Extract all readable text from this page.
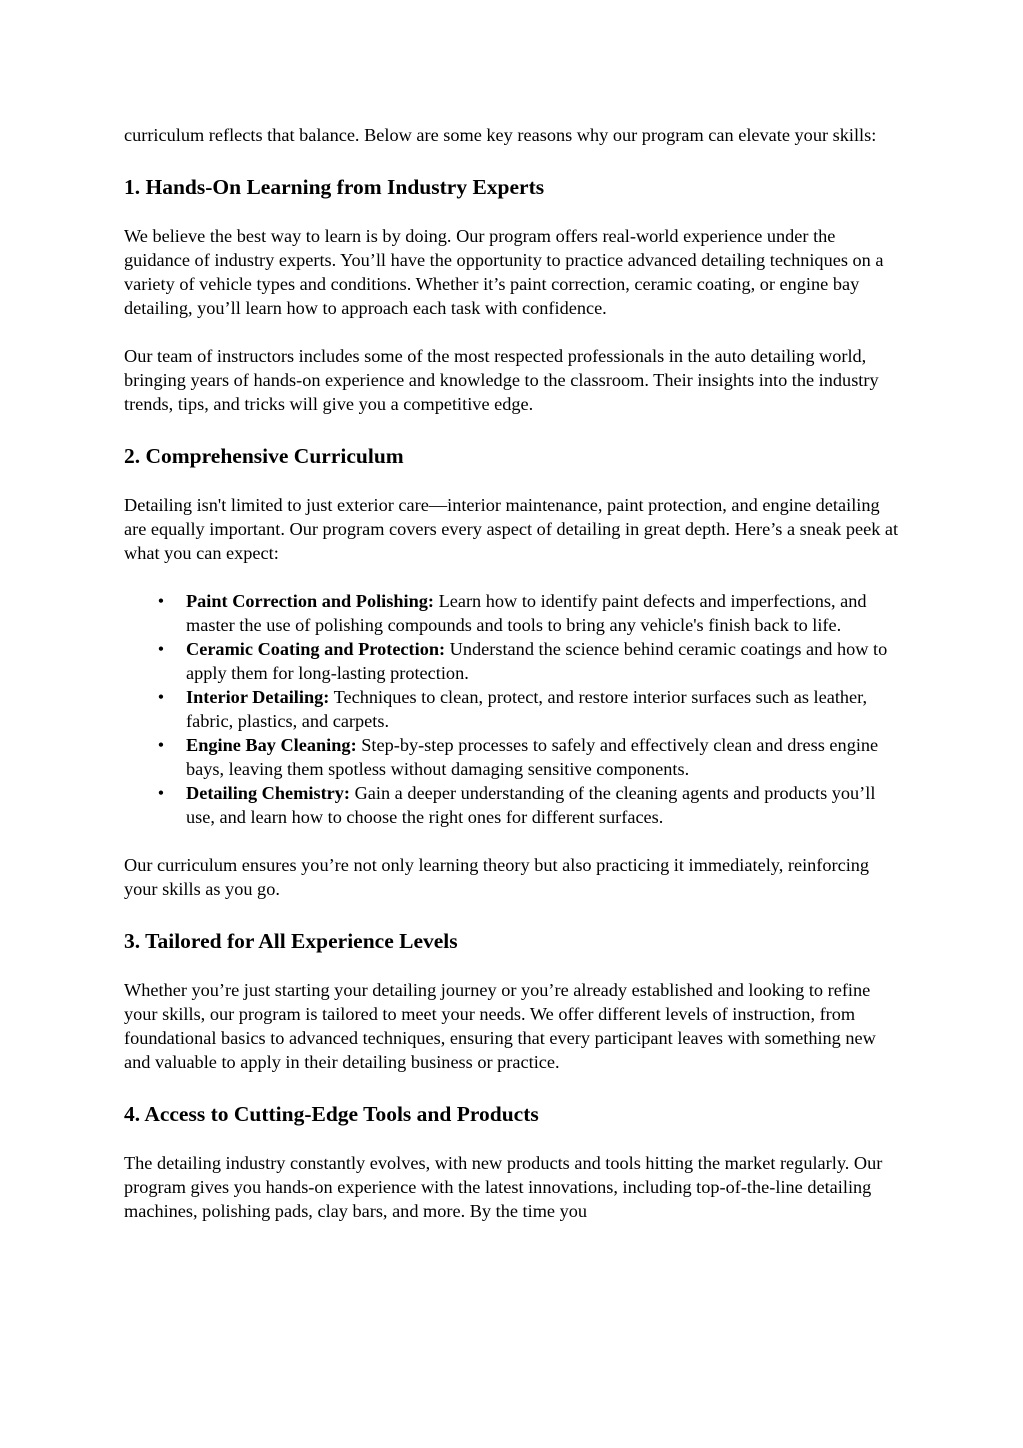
curriculum reflects that balance. Below are some key reasons why our program can elevate your skills:

1. Hands-On Learning from Industry Experts

We believe the best way to learn is by doing. Our program offers real-world experience under the guidance of industry experts. You’ll have the opportunity to practice advanced detailing techniques on a variety of vehicle types and conditions. Whether it’s paint correction, ceramic coating, or engine bay detailing, you’ll learn how to approach each task with confidence.

Our team of instructors includes some of the most respected professionals in the auto detailing world, bringing years of hands-on experience and knowledge to the classroom. Their insights into the industry trends, tips, and tricks will give you a competitive edge.

2. Comprehensive Curriculum

Detailing isn't limited to just exterior care—interior maintenance, paint protection, and engine detailing are equally important. Our program covers every aspect of detailing in great depth. Here’s a sneak peek at what you can expect:

• Paint Correction and Polishing: Learn how to identify paint defects and imperfections, and master the use of polishing compounds and tools to bring any vehicle's finish back to life.
• Ceramic Coating and Protection: Understand the science behind ceramic coatings and how to apply them for long-lasting protection.
• Interior Detailing: Techniques to clean, protect, and restore interior surfaces such as leather, fabric, plastics, and carpets.
• Engine Bay Cleaning: Step-by-step processes to safely and effectively clean and dress engine bays, leaving them spotless without damaging sensitive components.
• Detailing Chemistry: Gain a deeper understanding of the cleaning agents and products you’ll use, and learn how to choose the right ones for different surfaces.

Our curriculum ensures you’re not only learning theory but also practicing it immediately, reinforcing your skills as you go.

3. Tailored for All Experience Levels

Whether you’re just starting your detailing journey or you’re already established and looking to refine your skills, our program is tailored to meet your needs. We offer different levels of instruction, from foundational basics to advanced techniques, ensuring that every participant leaves with something new and valuable to apply in their detailing business or practice.

4. Access to Cutting-Edge Tools and Products

The detailing industry constantly evolves, with new products and tools hitting the market regularly. Our program gives you hands-on experience with the latest innovations, including top-of-the-line detailing machines, polishing pads, clay bars, and more. By the time you
